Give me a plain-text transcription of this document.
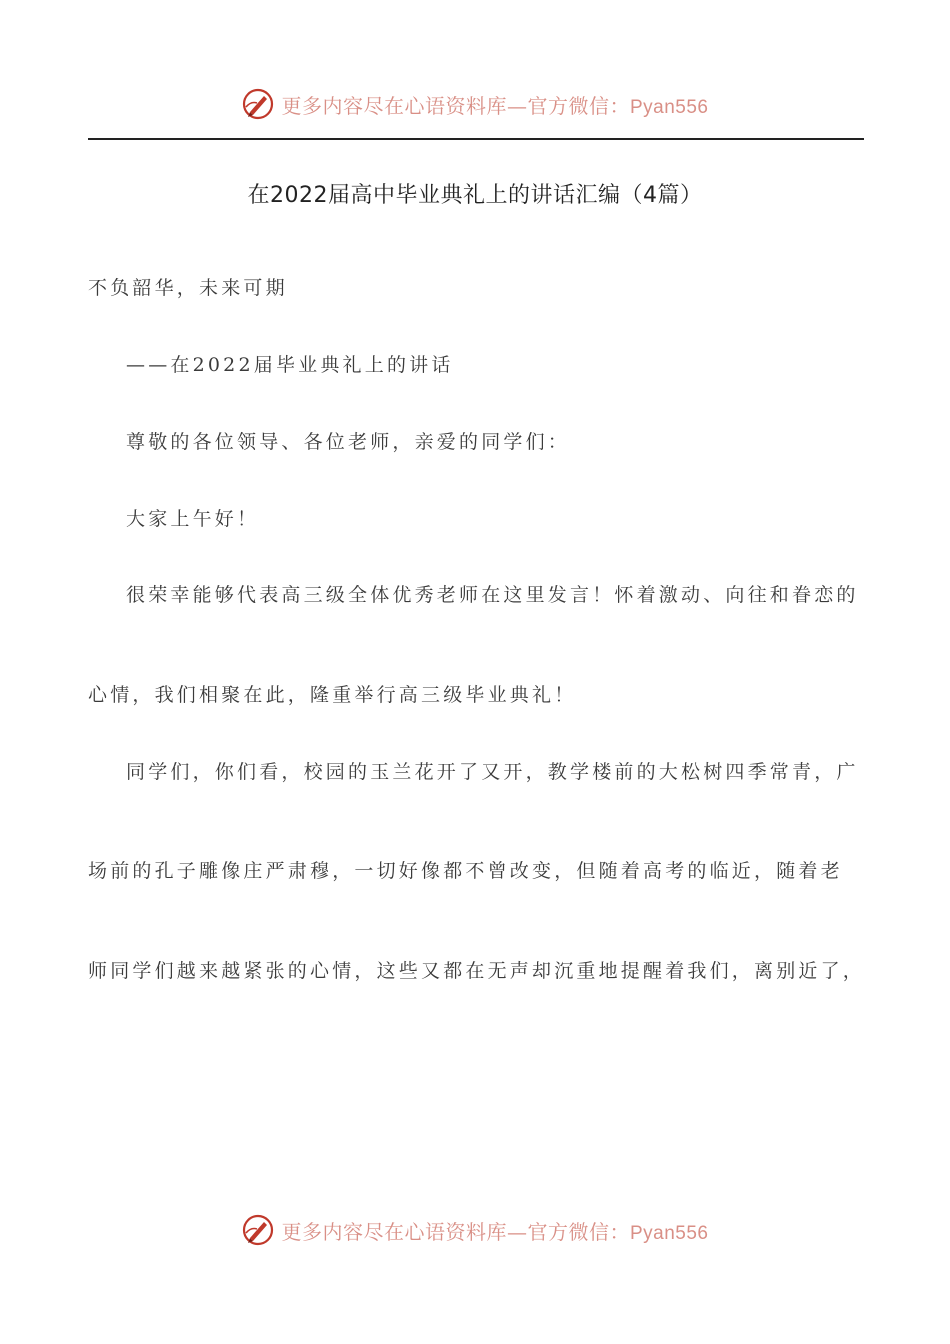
更多内容尽在心语资料库—官方微信：Pyan556
在2022届高中毕业典礼上的讲话汇编（4篇）
不负韶华，未来可期
——在2022届毕业典礼上的讲话
尊敬的各位领导、各位老师，亲爱的同学们：
大家上午好！
很荣幸能够代表高三级全体优秀老师在这里发言！怀着激动、向往和眷恋的
心情，我们相聚在此，隆重举行高三级毕业典礼！
同学们，你们看，校园的玉兰花开了又开，教学楼前的大松树四季常青，广
场前的孔子雕像庄严肃穆，一切好像都不曾改变，但随着高考的临近，随着老
师同学们越来越紧张的心情，这些又都在无声却沉重地提醒着我们，离别近了，
更多内容尽在心语资料库—官方微信：Pyan556
